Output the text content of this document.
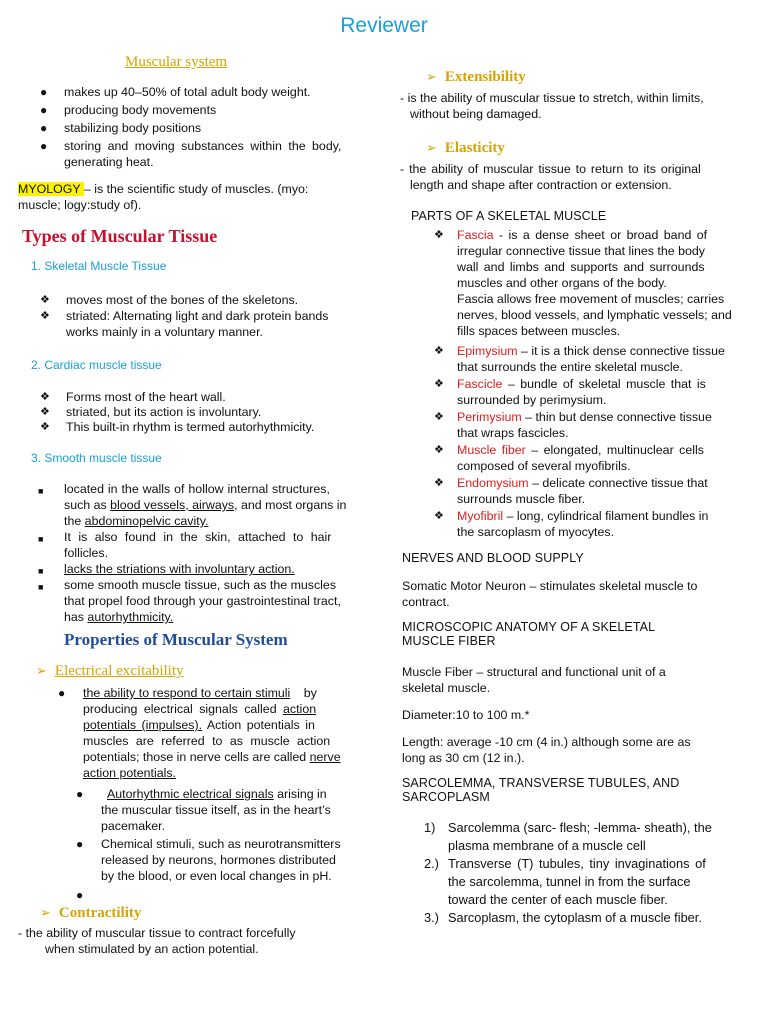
Reviewer
Muscular system
● makes up 40–50% of total adult body weight.
● producing body movements
● stabilizing body positions
● storing and moving substances within the body,
generating heat.
MYOLOGY – is the scientific study of muscles. (myo:
muscle; logy:study of).
Types of Muscular Tissue
1. Skeletal Muscle Tissue
❖ moves most of the bones of the skeletons.
❖ striated: Alternating light and dark protein bands
works mainly in a voluntary manner.
2. Cardiac muscle tissue
❖ Forms most of the heart wall.
❖ striated, but its action is involuntary.
❖ This built-in rhythm is termed autorhythmicity.
3. Smooth muscle tissue
■ located in the walls of hollow internal structures,
such as blood vessels, airways, and most organs in
the abdominopelvic cavity.
■ It is also found in the skin, attached to hair
follicles.
■ lacks the striations with involuntary action.
■ some smooth muscle tissue, such as the muscles
that propel food through your gastrointestinal tract,
has autorhythmicity.
Properties of Muscular System
➢ Electrical excitability
● the ability to respond to certain stimuli by
producing electrical signals called action
potentials (impulses). Action potentials in
muscles are referred to as muscle action
potentials; those in nerve cells are called nerve
action potentials.
●	Autorhythmic electrical signals arising in
the muscular tissue itself, as in the heart’s
pacemaker.
● Chemical stimuli, such as neurotransmitters
released by neurons, hormones distributed
by the blood, or even local changes in pH.
●
➢ Contractility
- the ability of muscular tissue to contract forcefully
when stimulated by an action potential.
➢ Extensibility
- is the ability of muscular tissue to stretch, within limits,
without being damaged.
➢ Elasticity
- the ability of muscular tissue to return to its original
length and shape after contraction or extension.
PARTS OF A SKELETAL MUSCLE
❖ Fascia - is a dense sheet or broad band of
irregular connective tissue that lines the body
wall and limbs and supports and surrounds
muscles and other organs of the body.
Fascia allows free movement of muscles; carries
nerves, blood vessels, and lymphatic vessels; and
fills spaces between muscles.
❖ Epimysium – it is a thick dense connective tissue
that surrounds the entire skeletal muscle.
❖ Fascicle – bundle of skeletal muscle that is
surrounded by perimysium.
❖ Perimysium – thin but dense connective tissue
that wraps fascicles.
❖ Muscle fiber – elongated, multinuclear cells
composed of several myofibrils.
❖ Endomysium – delicate connective tissue that
surrounds muscle fiber.
❖ Myofibril – long, cylindrical filament bundles in
the sarcoplasm of myocytes.
NERVES AND BLOOD SUPPLY
Somatic Motor Neuron – stimulates skeletal muscle to
contract.
MICROSCOPIC ANATOMY OF A SKELETAL
MUSCLE FIBER
Muscle Fiber – structural and functional unit of a
skeletal muscle.
Diameter:10 to 100 m.*
Length: average -10 cm (4 in.) although some are as
long as 30 cm (12 in.).
SARCOLEMMA, TRANSVERSE TUBULES, AND
SARCOPLASM
1) Sarcolemma (sarc- flesh; -lemma- sheath), the
plasma membrane of a muscle cell
2.) Transverse (T) tubules, tiny invaginations of
the sarcolemma, tunnel in from the surface
toward the center of each muscle fiber.
3.) Sarcoplasm, the cytoplasm of a muscle fiber.
